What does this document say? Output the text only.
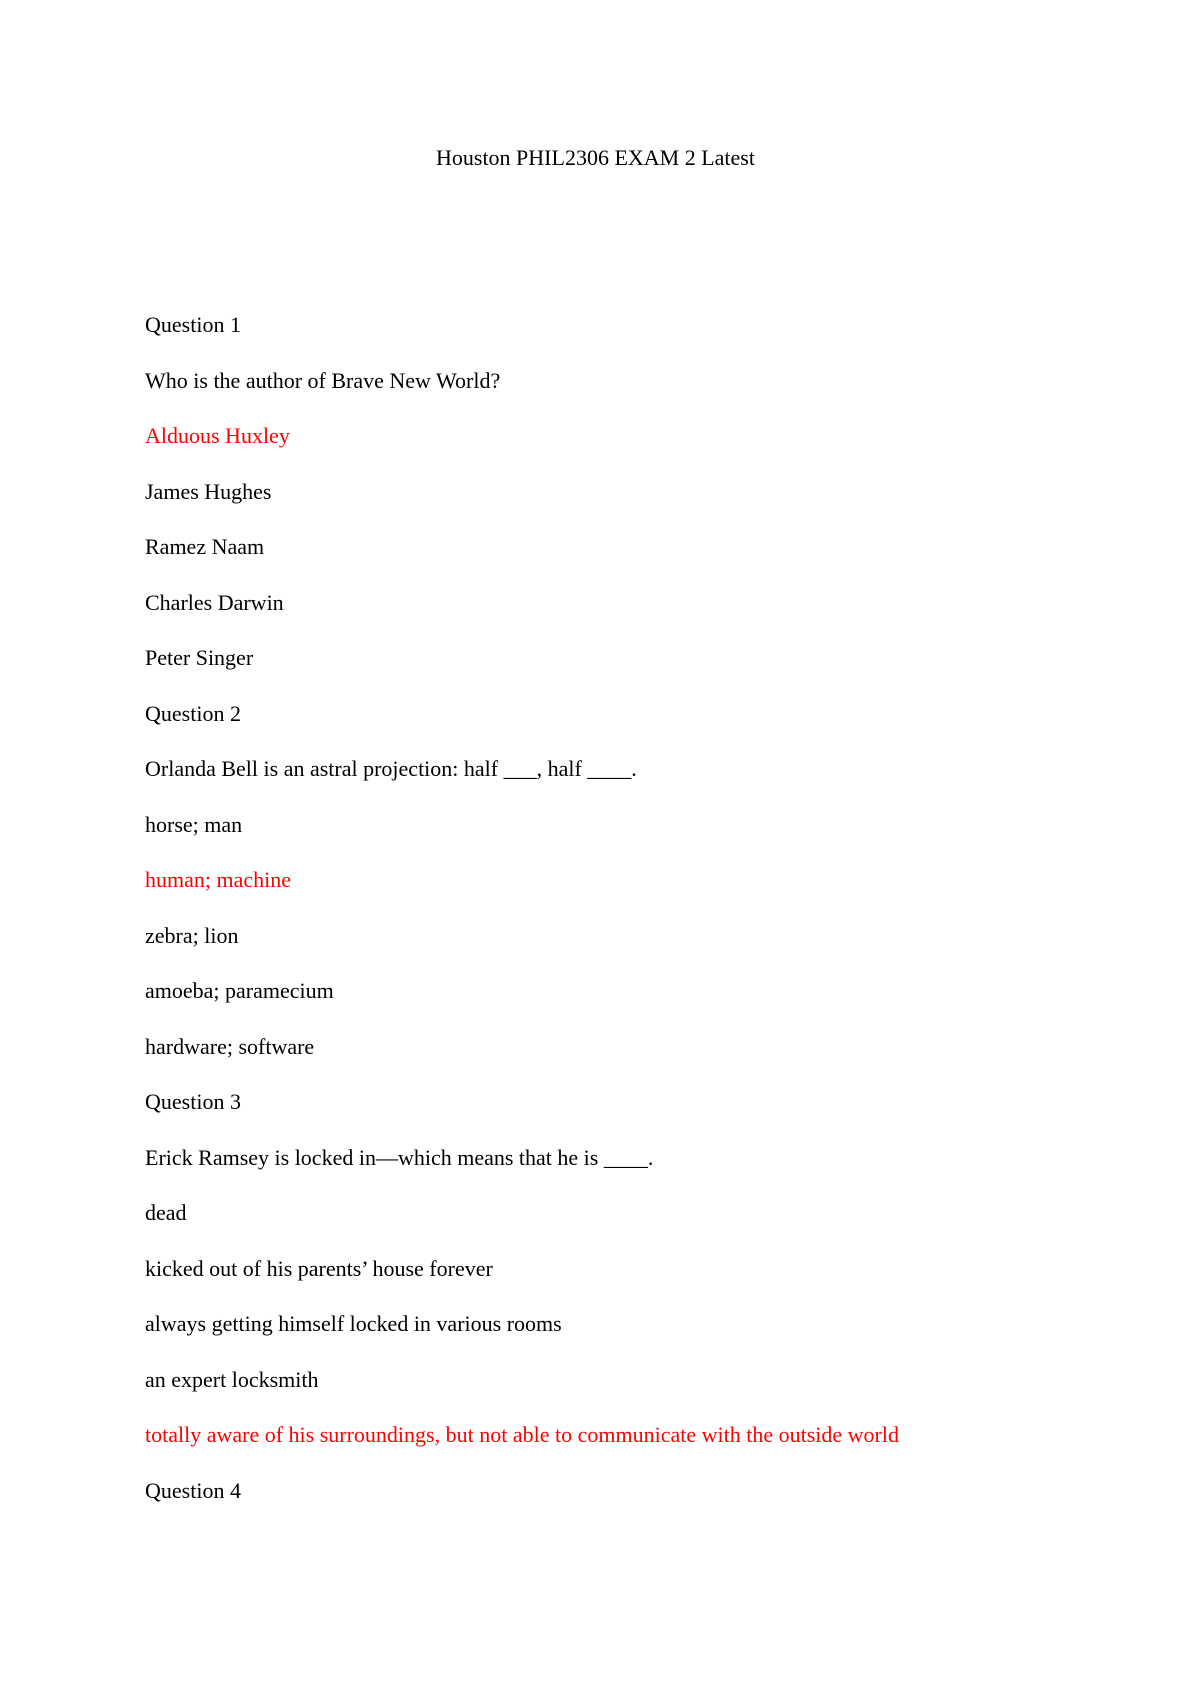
Houston PHIL2306 EXAM 2 Latest

Question 1

Who is the author of Brave New World?

Alduous Huxley

James Hughes

Ramez Naam

Charles Darwin

Peter Singer

Question 2

Orlanda Bell is an astral projection: half ___, half ____.

horse; man

human; machine

zebra; lion

amoeba; paramecium

hardware; software

Question 3

Erick Ramsey is locked in—which means that he is ____.

dead

kicked out of his parents’ house forever

always getting himself locked in various rooms

an expert locksmith

totally aware of his surroundings, but not able to communicate with the outside world

Question 4
